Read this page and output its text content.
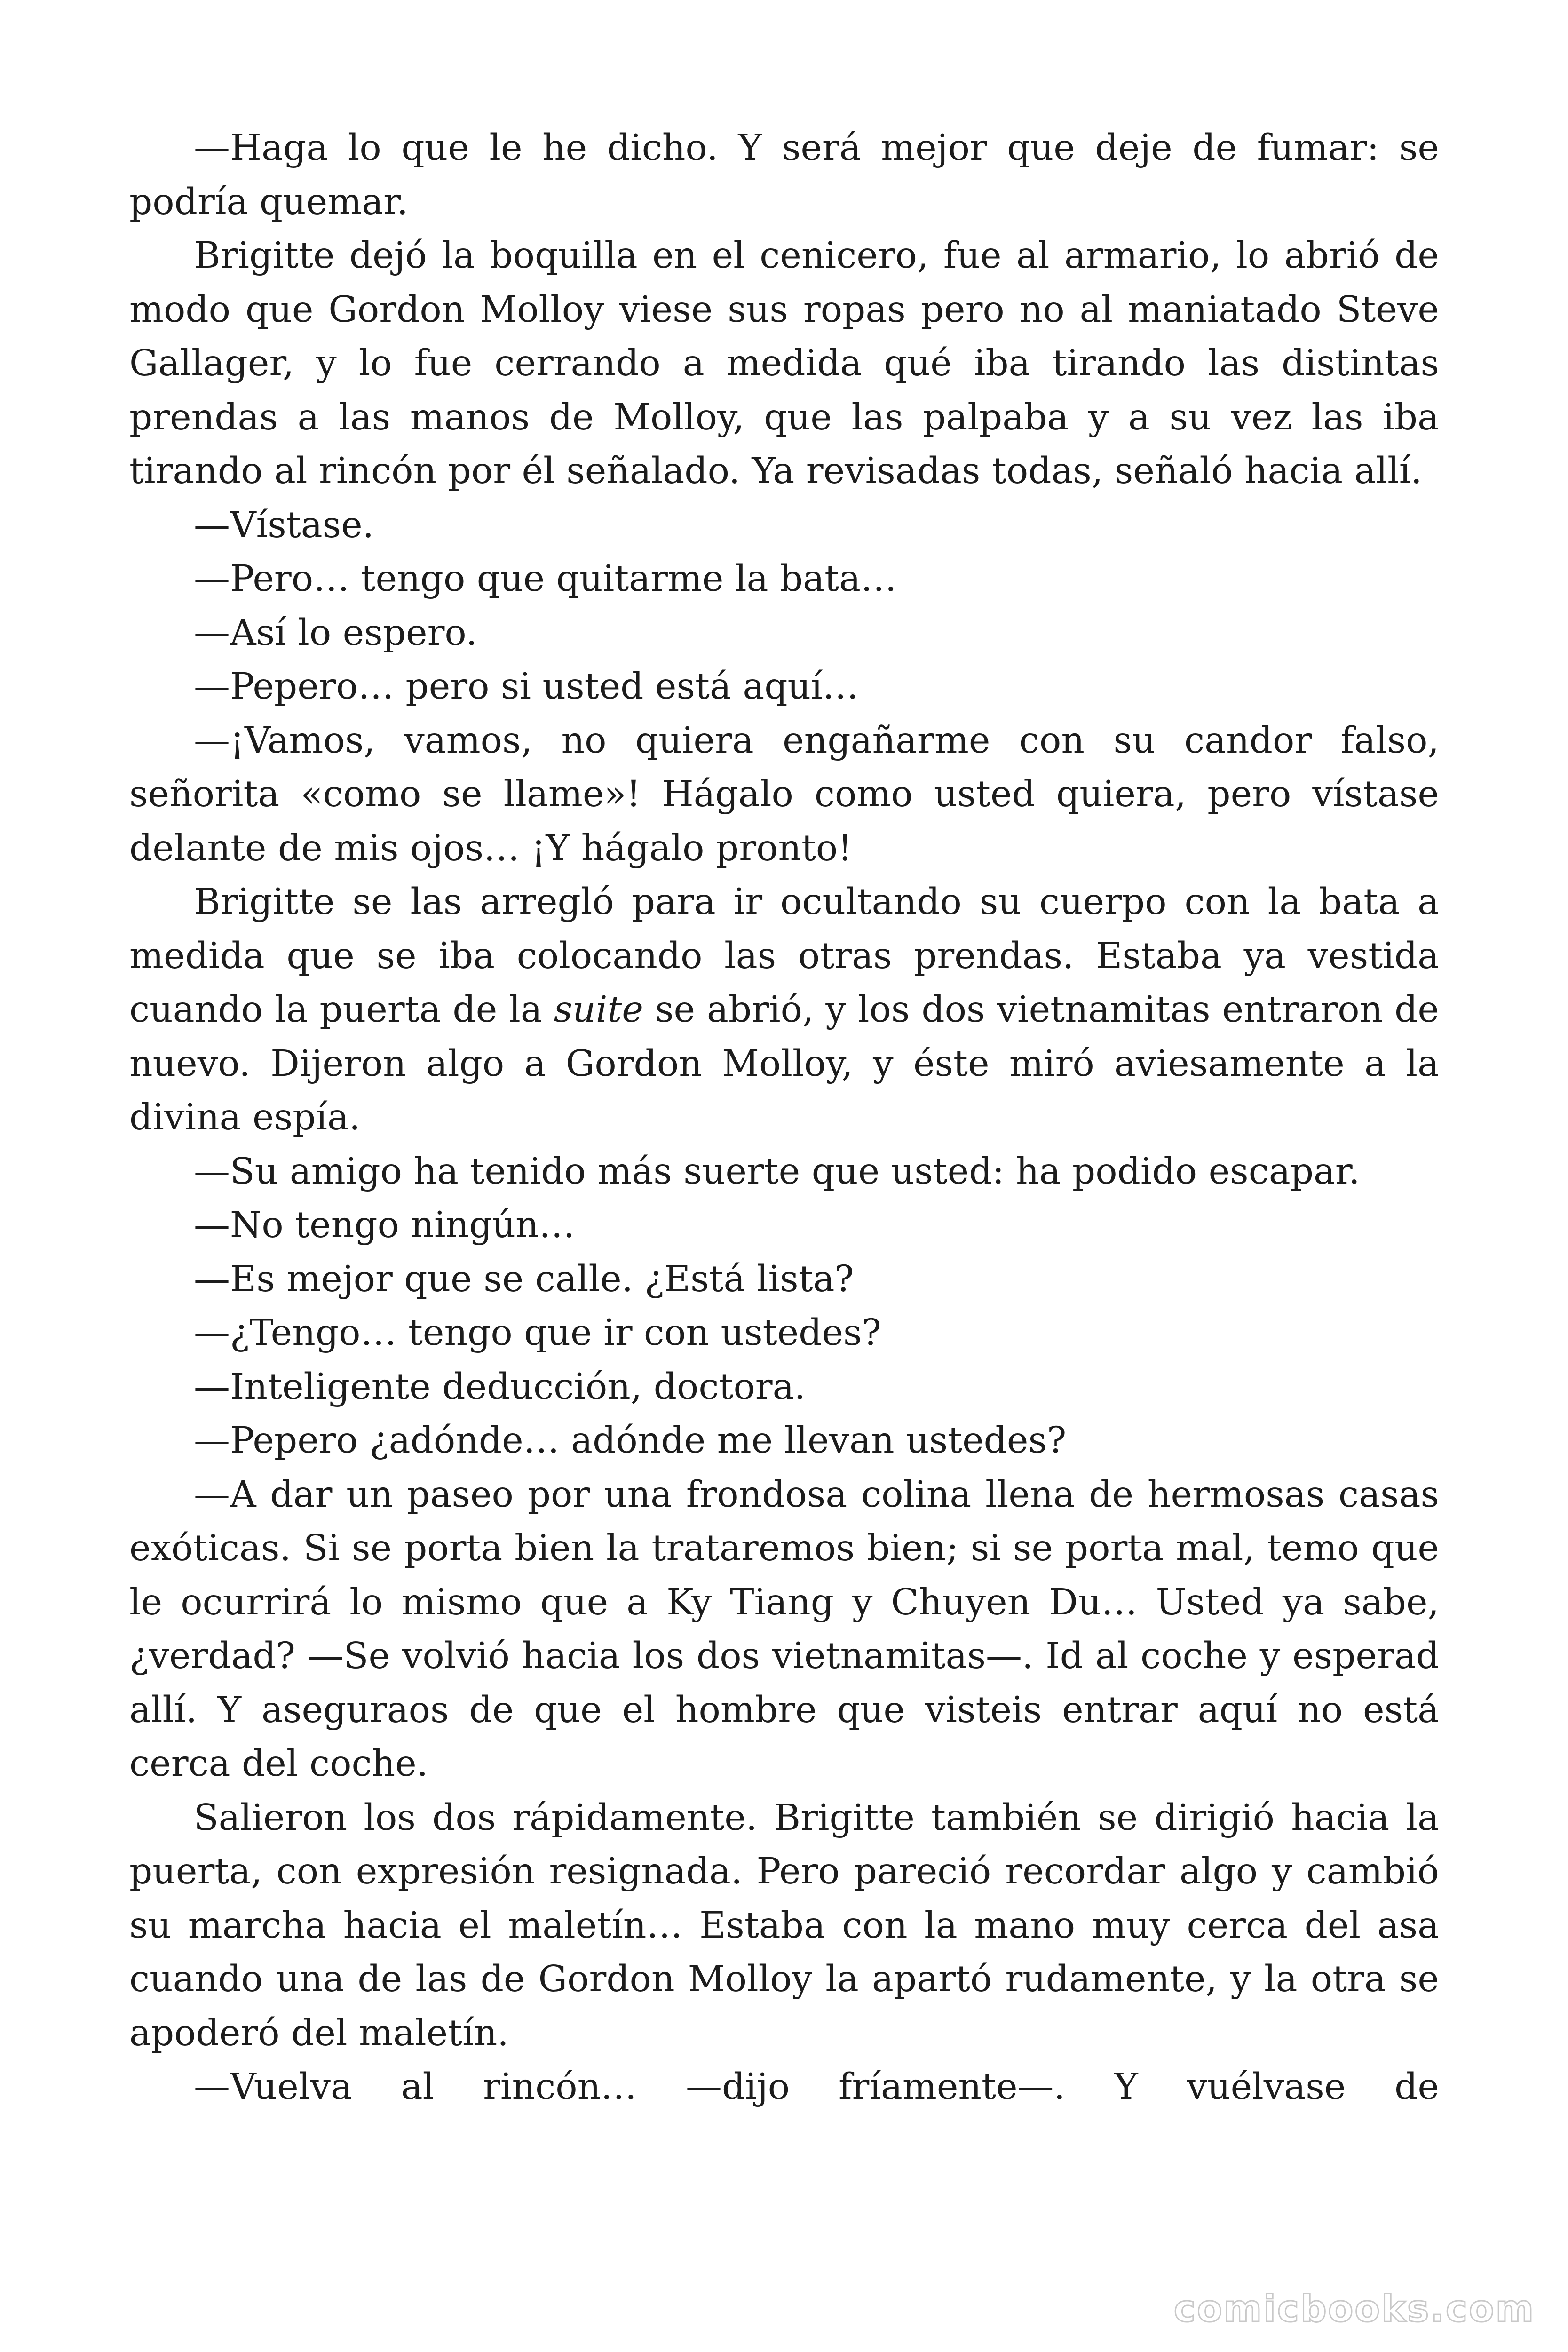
—Haga lo que le he dicho. Y será mejor que deje de fumar: se podría quemar.

Brigitte dejó la boquilla en el cenicero, fue al armario, lo abrió de modo que Gordon Molloy viese sus ropas pero no al maniatado Steve Gallager, y lo fue cerrando a medida qué iba tirando las distintas prendas a las manos de Molloy, que las palpaba y a su vez las iba tirando al rincón por él señalado. Ya revisadas todas, señaló hacia allí.

—Vístase.

—Pero… tengo que quitarme la bata…

—Así lo espero.

—Pepero… pero si usted está aquí…

—¡Vamos, vamos, no quiera engañarme con su candor falso, señorita «como se llame»! Hágalo como usted quiera, pero vístase delante de mis ojos… ¡Y hágalo pronto!

Brigitte se las arregló para ir ocultando su cuerpo con la bata a medida que se iba colocando las otras prendas. Estaba ya vestida cuando la puerta de la suite se abrió, y los dos vietnamitas entraron de nuevo. Dijeron algo a Gordon Molloy, y éste miró aviesamente a la divina espía.

—Su amigo ha tenido más suerte que usted: ha podido escapar.

—No tengo ningún…

—Es mejor que se calle. ¿Está lista?

—¿Tengo… tengo que ir con ustedes?

—Inteligente deducción, doctora.

—Pepero ¿adónde… adónde me llevan ustedes?

—A dar un paseo por una frondosa colina llena de hermosas casas exóticas. Si se porta bien la trataremos bien; si se porta mal, temo que le ocurrirá lo mismo que a Ky Tiang y Chuyen Du… Usted ya sabe, ¿verdad? —Se volvió hacia los dos vietnamitas—. Id al coche y esperad allí. Y aseguraos de que el hombre que visteis entrar aquí no está cerca del coche.

Salieron los dos rápidamente. Brigitte también se dirigió hacia la puerta, con expresión resignada. Pero pareció recordar algo y cambió su marcha hacia el maletín… Estaba con la mano muy cerca del asa cuando una de las de Gordon Molloy la apartó rudamente, y la otra se apoderó del maletín.

—Vuelva al rincón… —dijo fríamente—. Y vuélvase de

comicbooks.com
